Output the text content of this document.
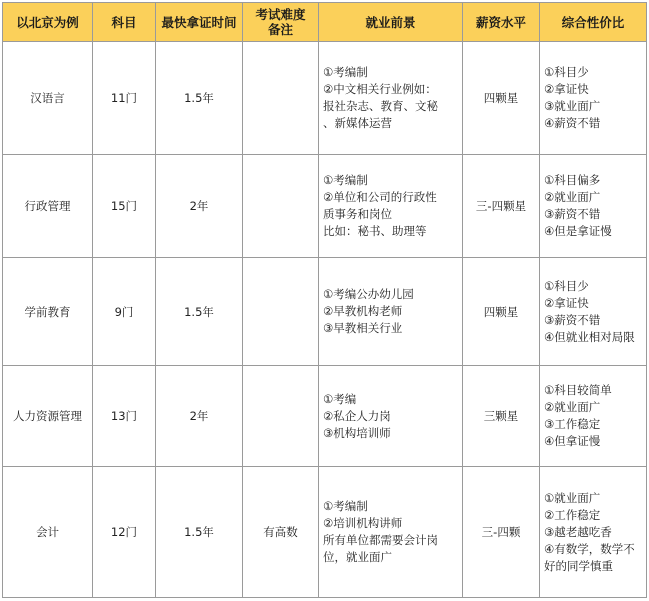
以北京为例	科目	最快拿证时间	考试难度
备注	就业前景	薪资水平	综合性价比
汉语言	11门	1.5年		①考编制
②中文相关行业例如：
报社杂志、教育、文秘
、新媒体运营	四颗星	①科目少
②拿证快
③就业面广
④薪资不错

行政管理	15门	2年		①考编制
②单位和公司的行政性
质事务和岗位
比如：秘书、助理等	三-四颗星	①科目偏多
②就业面广
③薪资不错
④但是拿证慢

学前教育	9门	1.5年		①考编公办幼儿园
②早教机构老师
③早教相关行业	四颗星	①科目少
②拿证快
③薪资不错
④但就业相对局限

人力资源管理	13门	2年		①考编
②私企人力岗
③机构培训师	三颗星	①科目较简单
②就业面广
③工作稳定
④但拿证慢

会计	12门	1.5年	有高数	①考编制
②培训机构讲师
所有单位都需要会计岗
位，就业面广	三-四颗	①就业面广
②工作稳定
③越老越吃香
④有数学，数学不
好的同学慎重
